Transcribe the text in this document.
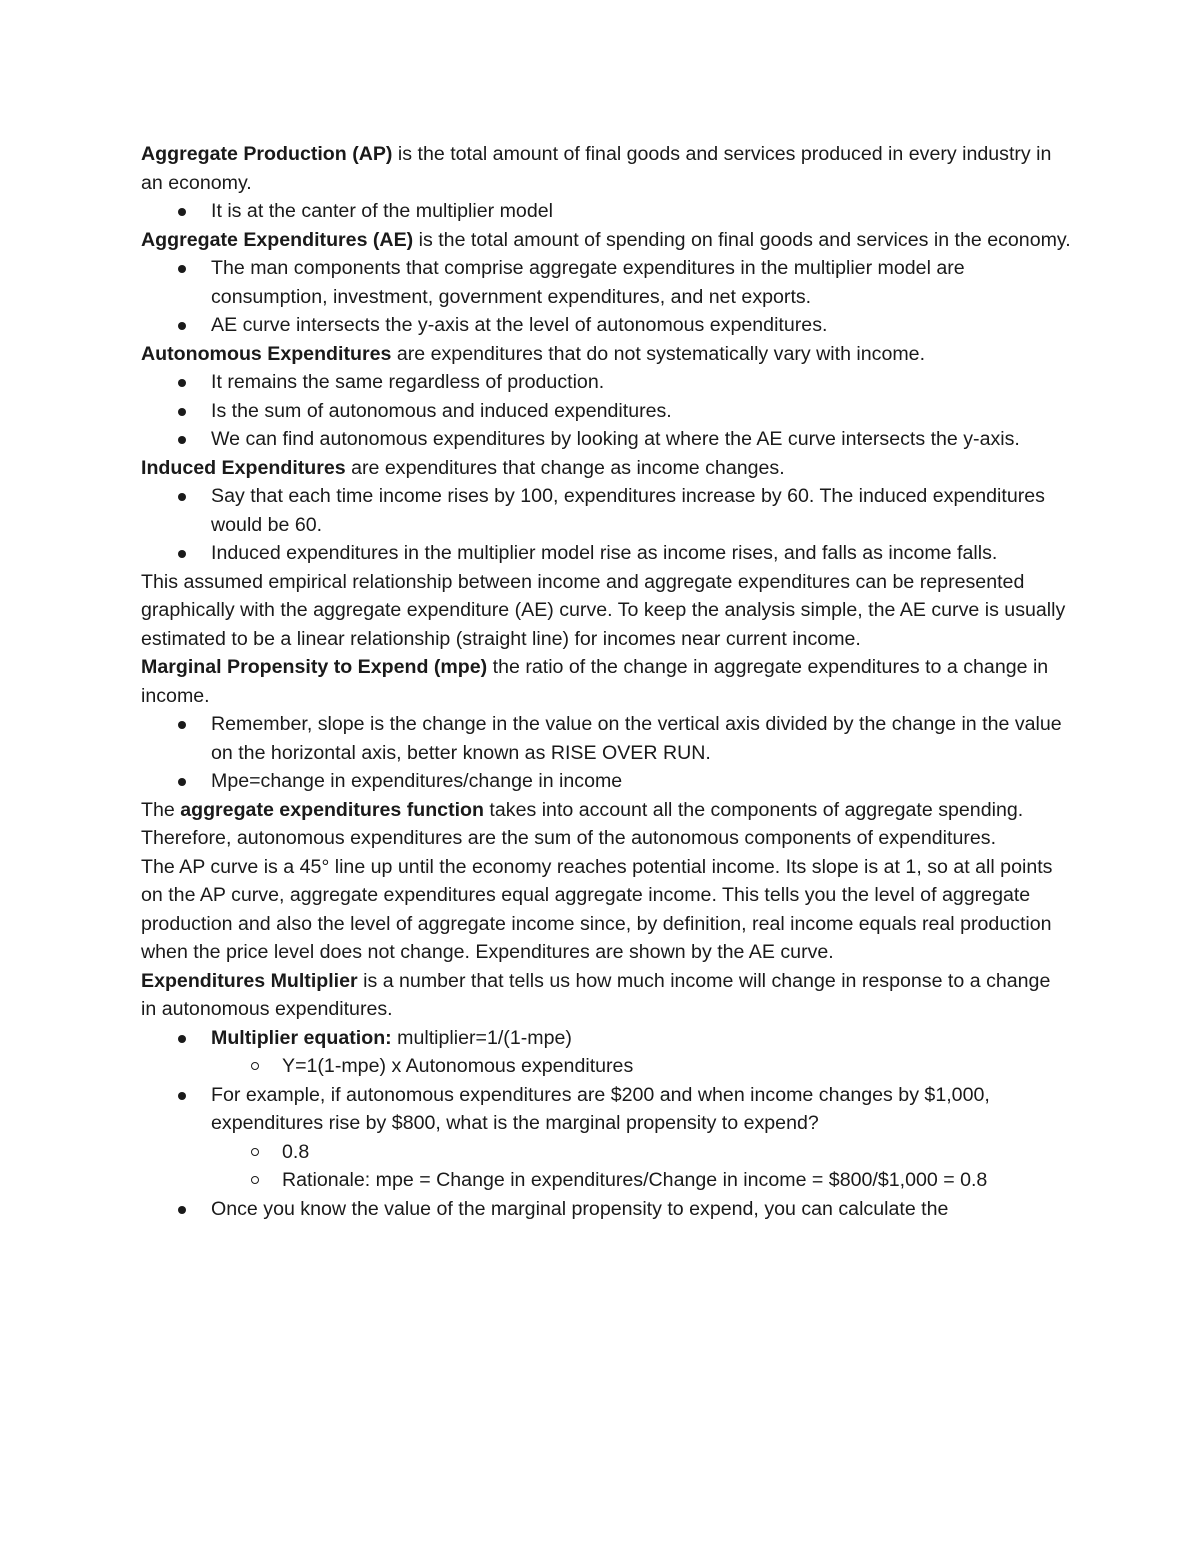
Aggregate Production (AP) is the total amount of final goods and services produced in every industry in an economy.

It is at the canter of the multiplier model

Aggregate Expenditures (AE) is the total amount of spending on final goods and services in the economy.

The man components that comprise aggregate expenditures in the multiplier model are consumption, investment, government expenditures, and net exports.
AE curve intersects the y-axis at the level of autonomous expenditures.

Autonomous Expenditures are expenditures that do not systematically vary with income.

It remains the same regardless of production.
Is the sum of autonomous and induced expenditures.
We can find autonomous expenditures by looking at where the AE curve intersects the y-axis.

Induced Expenditures are expenditures that change as income changes.

Say that each time income rises by 100, expenditures increase by 60. The induced expenditures would be 60.
Induced expenditures in the multiplier model rise as income rises, and falls as income falls.

This assumed empirical relationship between income and aggregate expenditures can be represented graphically with the aggregate expenditure (AE) curve. To keep the analysis simple, the AE curve is usually estimated to be a linear relationship (straight line) for incomes near current income.

Marginal Propensity to Expend (mpe) the ratio of the change in aggregate expenditures to a change in income.

Remember, slope is the change in the value on the vertical axis divided by the change in the value on the horizontal axis, better known as RISE OVER RUN.
Mpe=change in expenditures/change in income

The aggregate expenditures function takes into account all the components of aggregate spending. Therefore, autonomous expenditures are the sum of the autonomous components of expenditures.

The AP curve is a 45° line up until the economy reaches potential income. Its slope is at 1, so at all points on the AP curve, aggregate expenditures equal aggregate income. This tells you the level of aggregate production and also the level of aggregate income since, by definition, real income equals real production when the price level does not change. Expenditures are shown by the AE curve.

Expenditures Multiplier is a number that tells us how much income will change in response to a change in autonomous expenditures.

Multiplier equation: multiplier=1/(1-mpe)
Y=1(1-mpe) x Autonomous expenditures
For example, if autonomous expenditures are $200 and when income changes by $1,000, expenditures rise by $800, what is the marginal propensity to expend?
0.8
Rationale: mpe = Change in expenditures/Change in income = $800/$1,000 = 0.8
Once you know the value of the marginal propensity to expend, you can calculate the
